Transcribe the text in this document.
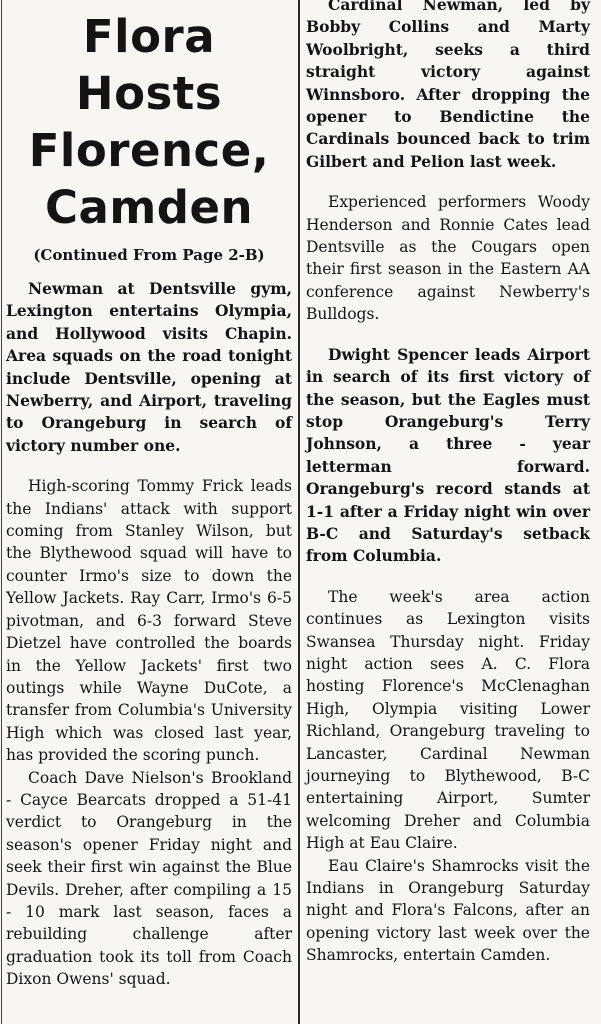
Flora Hosts
Florence,
Camden
(Continued From Page 2-B)

Newman at Dentsville gym, Lexington entertains Olympia, and Hollywood visits Chapin. Area squads on the road tonight include Dentsville, opening at Newberry, and Airport, traveling to Orangeburg in search of victory number one.

High-scoring Tommy Frick leads the Indians' attack with support coming from Stanley Wilson, but the Blythewood squad will have to counter Irmo's size to down the Yellow Jackets. Ray Carr, Irmo's 6-5 pivotman, and 6-3 forward Steve Dietzel have controlled the boards in the Yellow Jackets' first two outings while Wayne DuCote, a transfer from Columbia's University High which was closed last year, has provided the scoring punch.

Coach Dave Nielson's Brookland - Cayce Bearcats dropped a 51-41 verdict to Orangeburg in the season's opener Friday night and seek their first win against the Blue Devils. Dreher, after compiling a 15 - 10 mark last season, faces a rebuilding challenge after graduation took its toll from Coach Dixon Owens' squad.

Cardinal Newman, led by Bobby Collins and Marty Woolbright, seeks a third straight victory against Winnsboro. After dropping the opener to Bendictine the Cardinals bounced back to trim Gilbert and Pelion last week.

Experienced performers Woody Henderson and Ronnie Cates lead Dentsville as the Cougars open their first season in the Eastern AA conference against Newberry's Bulldogs.

Dwight Spencer leads Airport in search of its first victory of the season, but the Eagles must stop Orangeburg's Terry Johnson, a three - year letterman forward. Orangeburg's record stands at 1-1 after a Friday night win over B-C and Saturday's setback from Columbia.

The week's area action continues as Lexington visits Swansea Thursday night. Friday night action sees A. C. Flora hosting Florence's McClenaghan High, Olympia visiting Lower Richland, Orangeburg traveling to Lancaster, Cardinal Newman journeying to Blythewood, B-C entertaining Airport, Sumter welcoming Dreher and Columbia High at Eau Claire.

Eau Claire's Shamrocks visit the Indians in Orangeburg Saturday night and Flora's Falcons, after an opening victory last week over the Shamrocks, entertain Camden.
